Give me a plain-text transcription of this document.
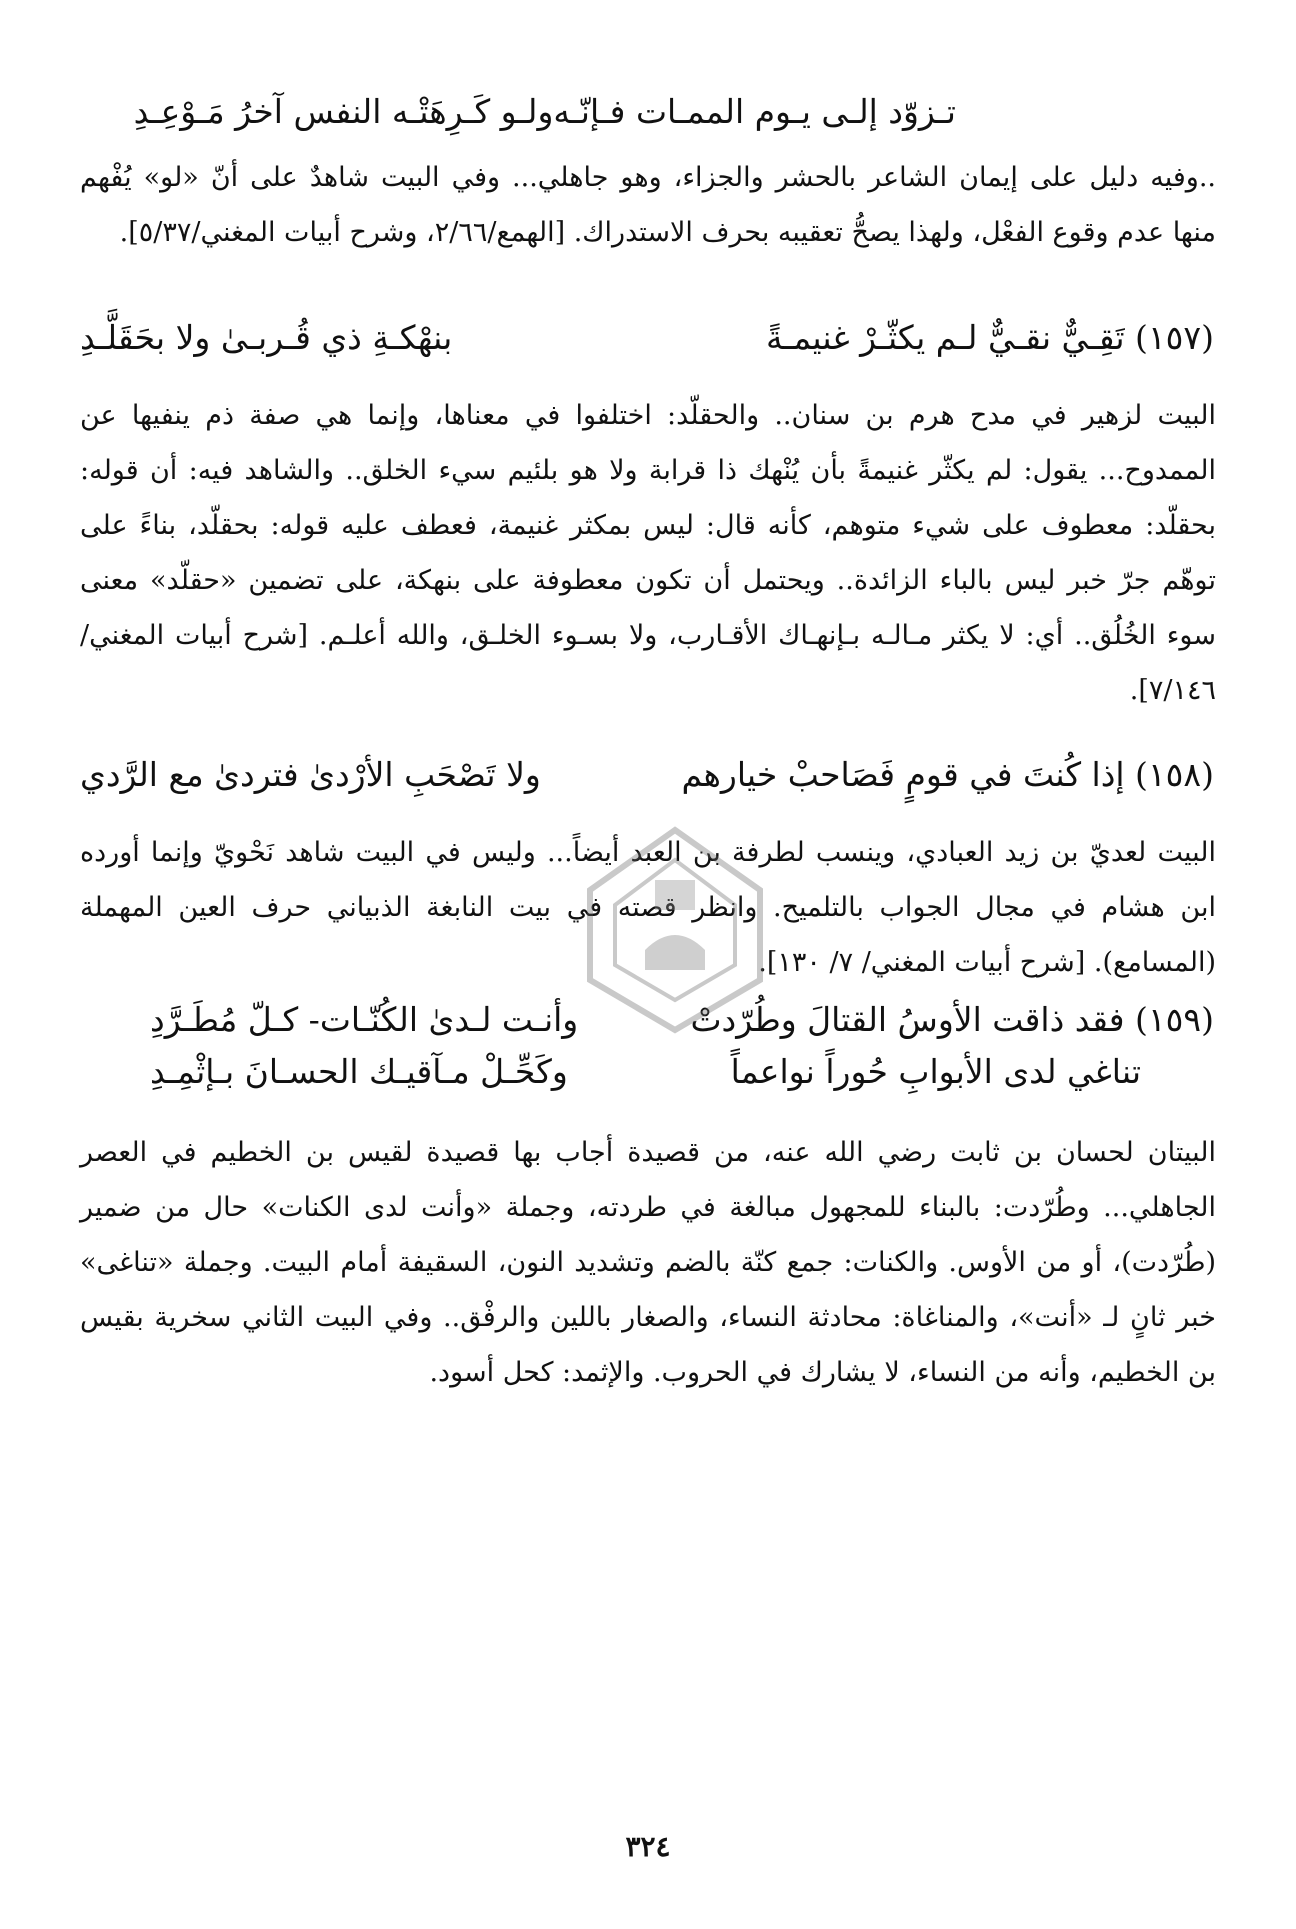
تـزوّد إلـى يـوم الممـات فـإنّـه
ولـو كَـرِهَتْـه النفس آخرُ مَـوْعِـدِ

..وفيه دليل على إيمان الشاعر بالحشر والجزاء، وهو جاهلي... وفي البيت شاهدٌ على أنّ «لو» يُفْهم منها عدم وقوع الفعْل، ولهذا يصحُّ تعقيبه بحرف الاستدراك. [الهمع/٢/٦٦، وشرح أبيات المغني/٥/٣٧].

(١٥٧) تَقِـيٌّ نقـيٌّ لـم يكثّـرْ غنيمـةً
بنهْكـةِ ذي قُـربـىٰ ولا بحَقَلَّـدِ

البيت لزهير في مدح هرم بن سنان.. والحقلّد: اختلفوا في معناها، وإنما هي صفة ذم ينفيها عن الممدوح... يقول: لم يكثّر غنيمةً بأن يُنْهك ذا قرابة ولا هو بلئيم سيء الخلق.. والشاهد فيه: أن قوله: بحقلّد: معطوف على شيء متوهم، كأنه قال: ليس بمكثر غنيمة، فعطف عليه قوله: بحقلّد، بناءً على توهّم جرّ خبر ليس بالباء الزائدة.. ويحتمل أن تكون معطوفة على بنهكة، على تضمين «حقلّد» معنى سوء الخُلُق.. أي: لا يكثر مـالـه بـإنهـاك الأقـارب، ولا بسـوء الخلـق، والله أعلـم. [شرح أبيات المغني/٧/١٤٦].

(١٥٨) إذا كُنتَ في قومٍ فَصَاحبْ خيارهم
ولا تَصْحَبِ الأرْدىٰ فتردىٰ مع الرَّدي

البيت لعديّ بن زيد العبادي، وينسب لطرفة بن العبد أيضاً... وليس في البيت شاهد نَحْويّ وإنما أورده ابن هشام في مجال الجواب بالتلميح. وانظر قصته في بيت النابغة الذبياني حرف العين المهملة (المسامع). [شرح أبيات المغني/ ٧/ ١٣٠].

(١٥٩) فقد ذاقت الأوسُ القتالَ وطُرّدتْ
وأنـت لـدىٰ الكُنّـات- كـلّ مُطَـرَّدِ
تناغي لدى الأبوابِ حُوراً نواعماً
وكَحِّـلْ مـآقيـك الحسـانَ بـإثْمِـدِ

البيتان لحسان بن ثابت رضي الله عنه، من قصيدة أجاب بها قصيدة لقيس بن الخطيم في العصر الجاهلي... وطُرّدت: بالبناء للمجهول مبالغة في طردته، وجملة «وأنت لدى الكنات» حال من ضمير (طُرّدت)، أو من الأوس. والكنات: جمع كنّة بالضم وتشديد النون، السقيفة أمام البيت. وجملة «تناغى» خبر ثانٍ لـ «أنت»، والمناغاة: محادثة النساء، والصغار باللين والرفْق.. وفي البيت الثاني سخرية بقيس بن الخطيم، وأنه من النساء، لا يشارك في الحروب. والإثمد: كحل أسود.

٣٢٤
